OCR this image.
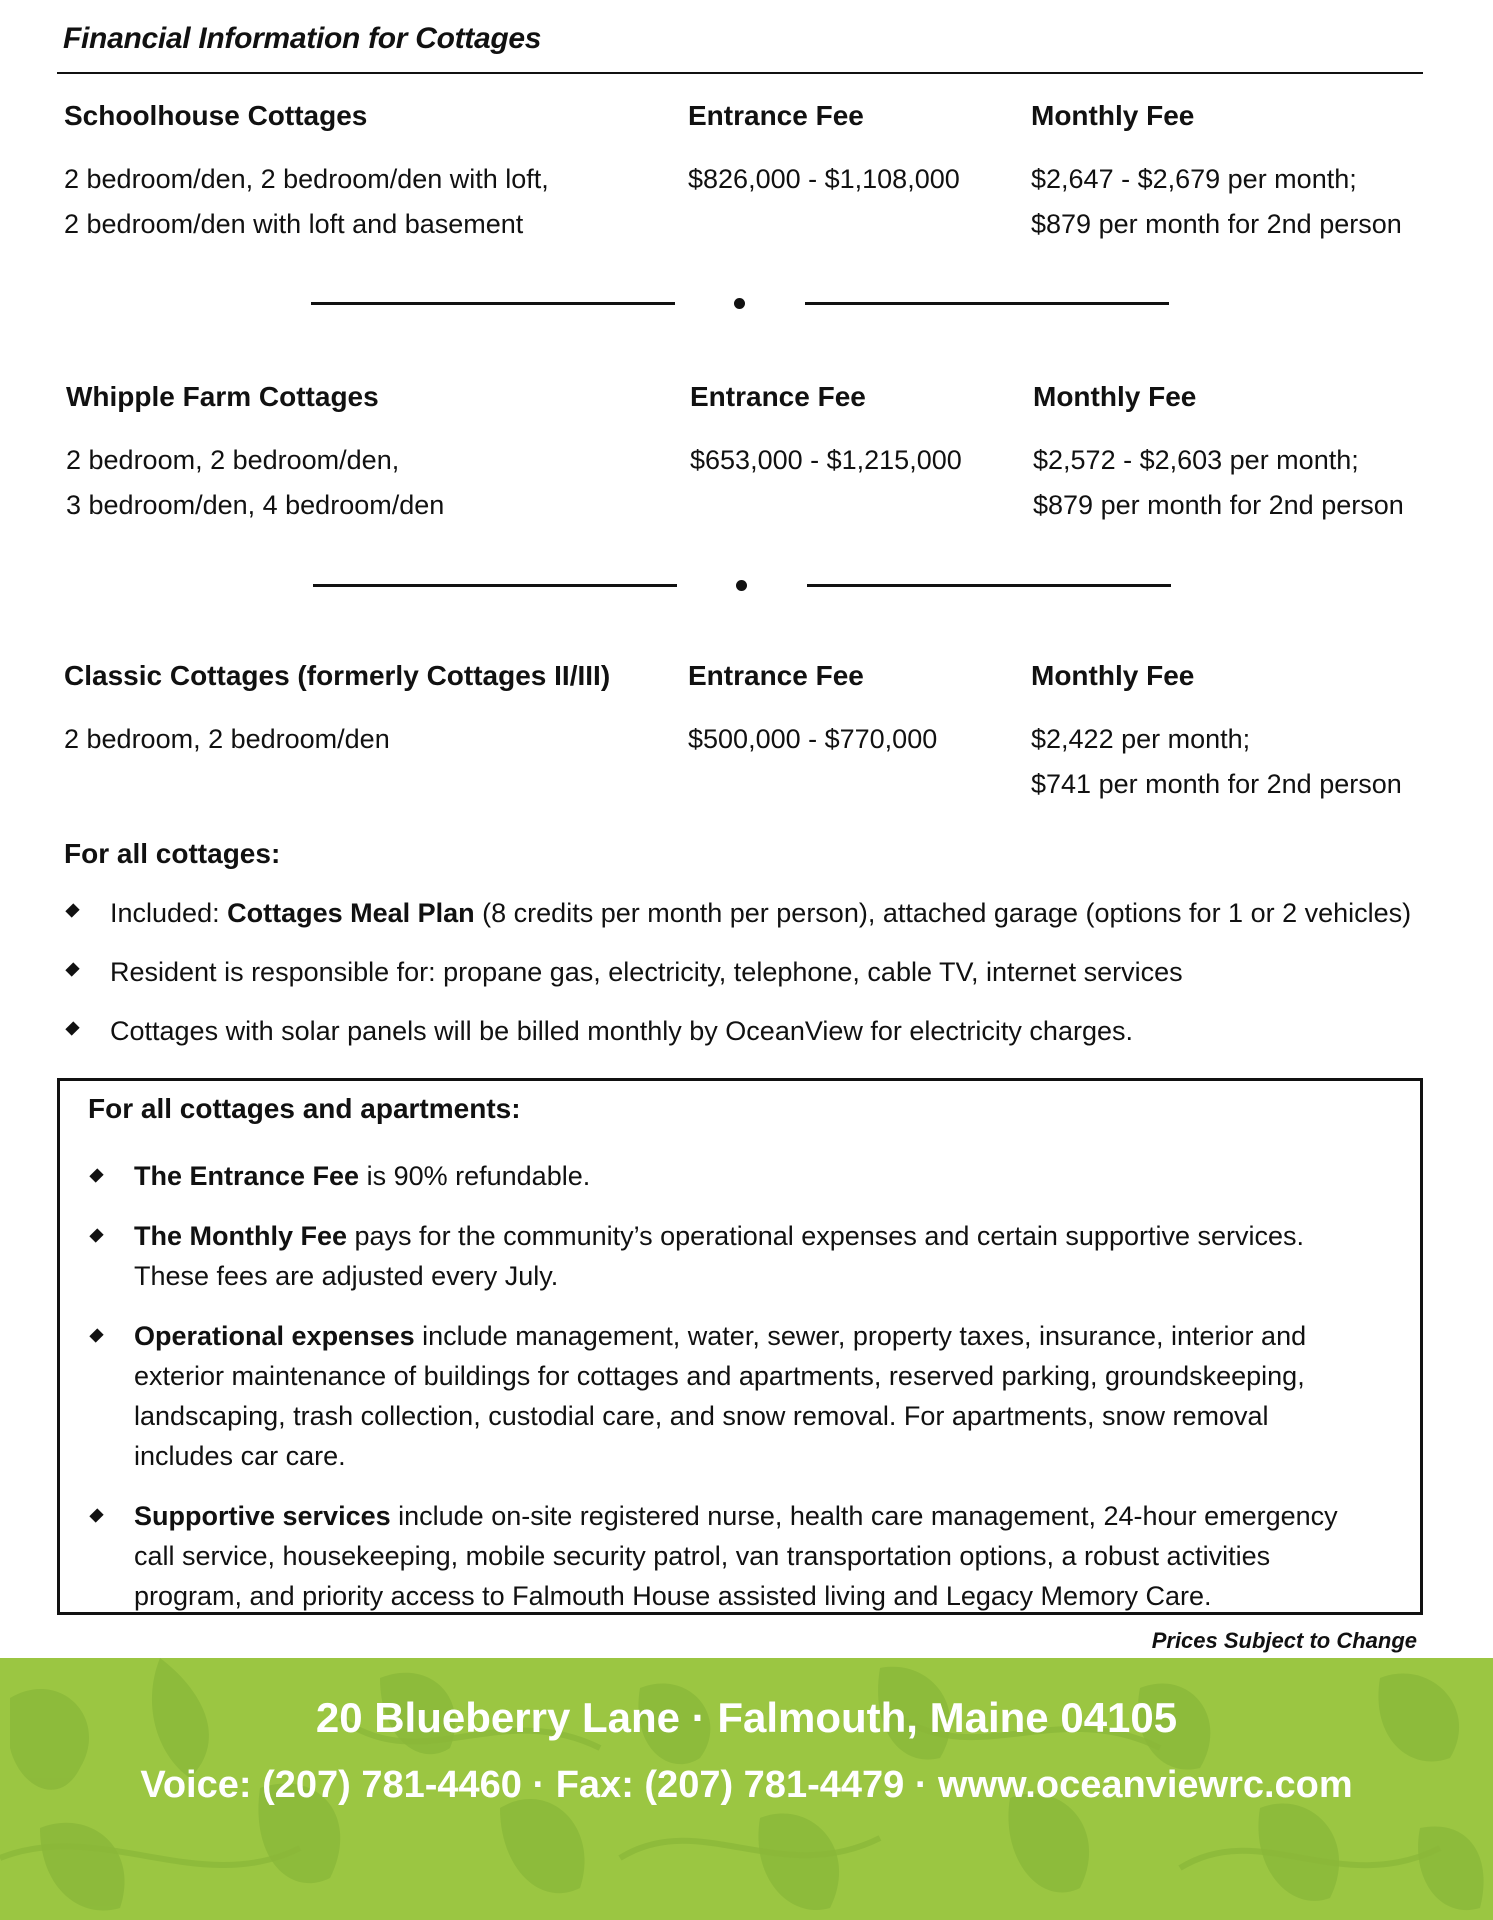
Financial Information for Cottages
Schoolhouse Cottages
2 bedroom/den, 2 bedroom/den with loft,
2 bedroom/den with loft and basement
Entrance Fee
$826,000 - $1,108,000
Monthly Fee
$2,647 - $2,679 per month;
$879 per month for 2nd person
Whipple Farm Cottages
2 bedroom, 2 bedroom/den,
3 bedroom/den, 4 bedroom/den
Entrance Fee
$653,000 - $1,215,000
Monthly Fee
$2,572 - $2,603 per month;
$879 per month for 2nd person
Classic Cottages (formerly Cottages II/III)
2 bedroom, 2 bedroom/den
Entrance Fee
$500,000 - $770,000
Monthly Fee
$2,422 per month;
$741 per month for 2nd person
For all cottages:
Included: Cottages Meal Plan (8 credits per month per person), attached garage (options for 1 or 2 vehicles)
Resident is responsible for: propane gas, electricity, telephone, cable TV, internet services
Cottages with solar panels will be billed monthly by OceanView for electricity charges.
For all cottages and apartments:
The Entrance Fee is 90% refundable.
The Monthly Fee pays for the community’s operational expenses and certain supportive services.
These fees are adjusted every July.
Operational expenses include management, water, sewer, property taxes, insurance, interior and
exterior maintenance of buildings for cottages and apartments, reserved parking, groundskeeping,
landscaping, trash collection, custodial care, and snow removal. For apartments, snow removal
includes car care.
Supportive services include on-site registered nurse, health care management, 24-hour emergency
call service, housekeeping, mobile security patrol, van transportation options, a robust activities
program, and priority access to Falmouth House assisted living and Legacy Memory Care.
Prices Subject to Change
20 Blueberry Lane · Falmouth, Maine 04105
Voice: (207) 781-4460 · Fax: (207) 781-4479 · www.oceanviewrc.com
